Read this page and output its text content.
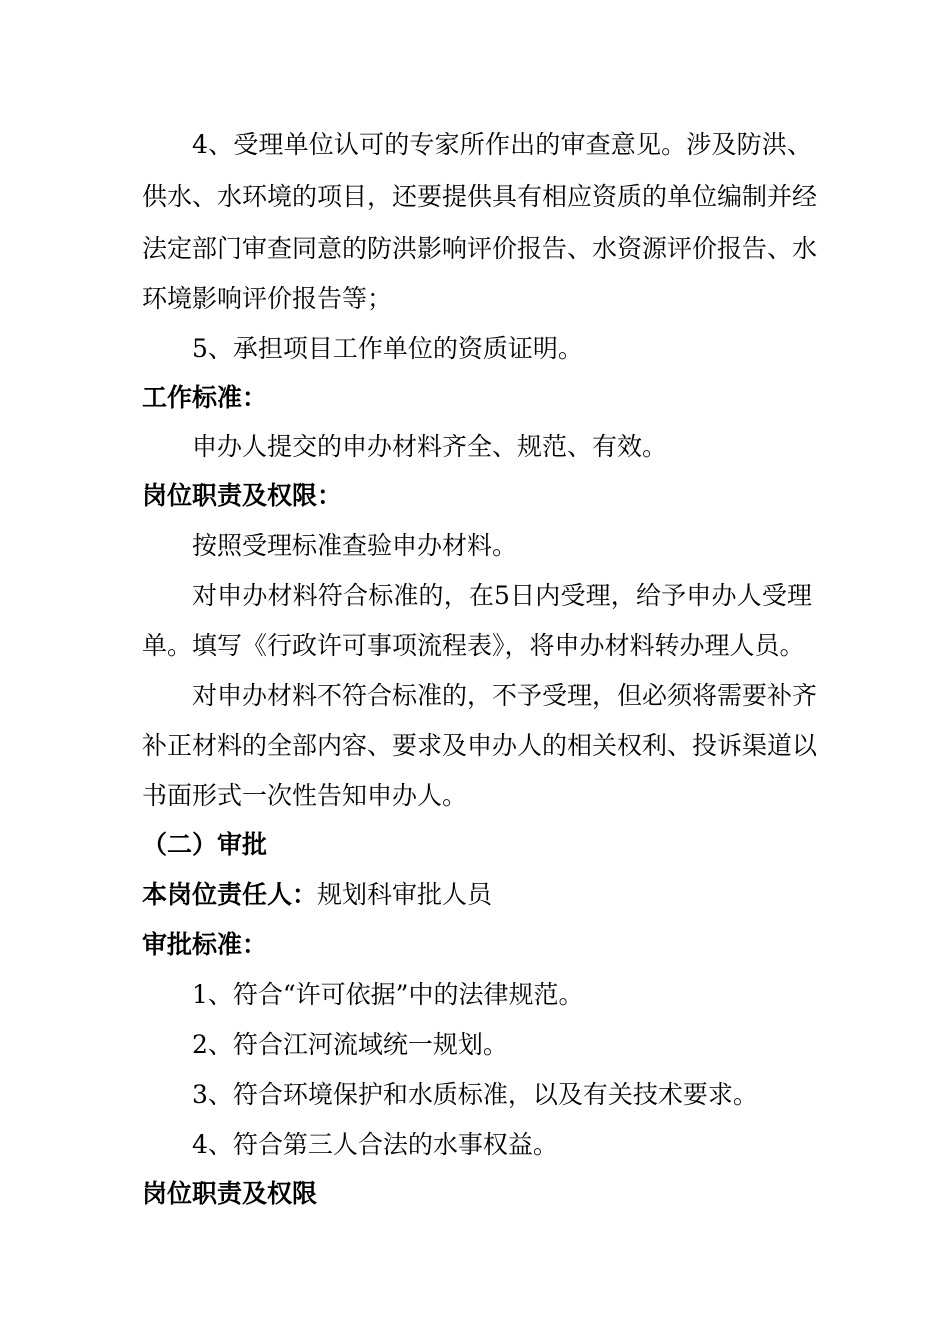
4、受理单位认可的专家所作出的审查意见。涉及防洪、
供水、水环境的项目，还要提供具有相应资质的单位编制并经
法定部门审查同意的防洪影响评价报告、水资源评价报告、水
环境影响评价报告等；
5、承担项目工作单位的资质证明。
工作标准：
申办人提交的申办材料齐全、规范、有效。
岗位职责及权限：
按照受理标准查验申办材料。
对申办材料符合标准的，在5日内受理，给予申办人受理
单。填写《行政许可事项流程表》，将申办材料转办理人员。
对申办材料不符合标准的，不予受理，但必须将需要补齐
补正材料的全部内容、要求及申办人的相关权利、投诉渠道以
书面形式一次性告知申办人。
（二）审批
本岗位责任人：规划科审批人员
审批标准：
1、符合“许可依据”中的法律规范。
2、符合江河流域统一规划。
3、符合环境保护和水质标准，以及有关技术要求。
4、符合第三人合法的水事权益。
岗位职责及权限
